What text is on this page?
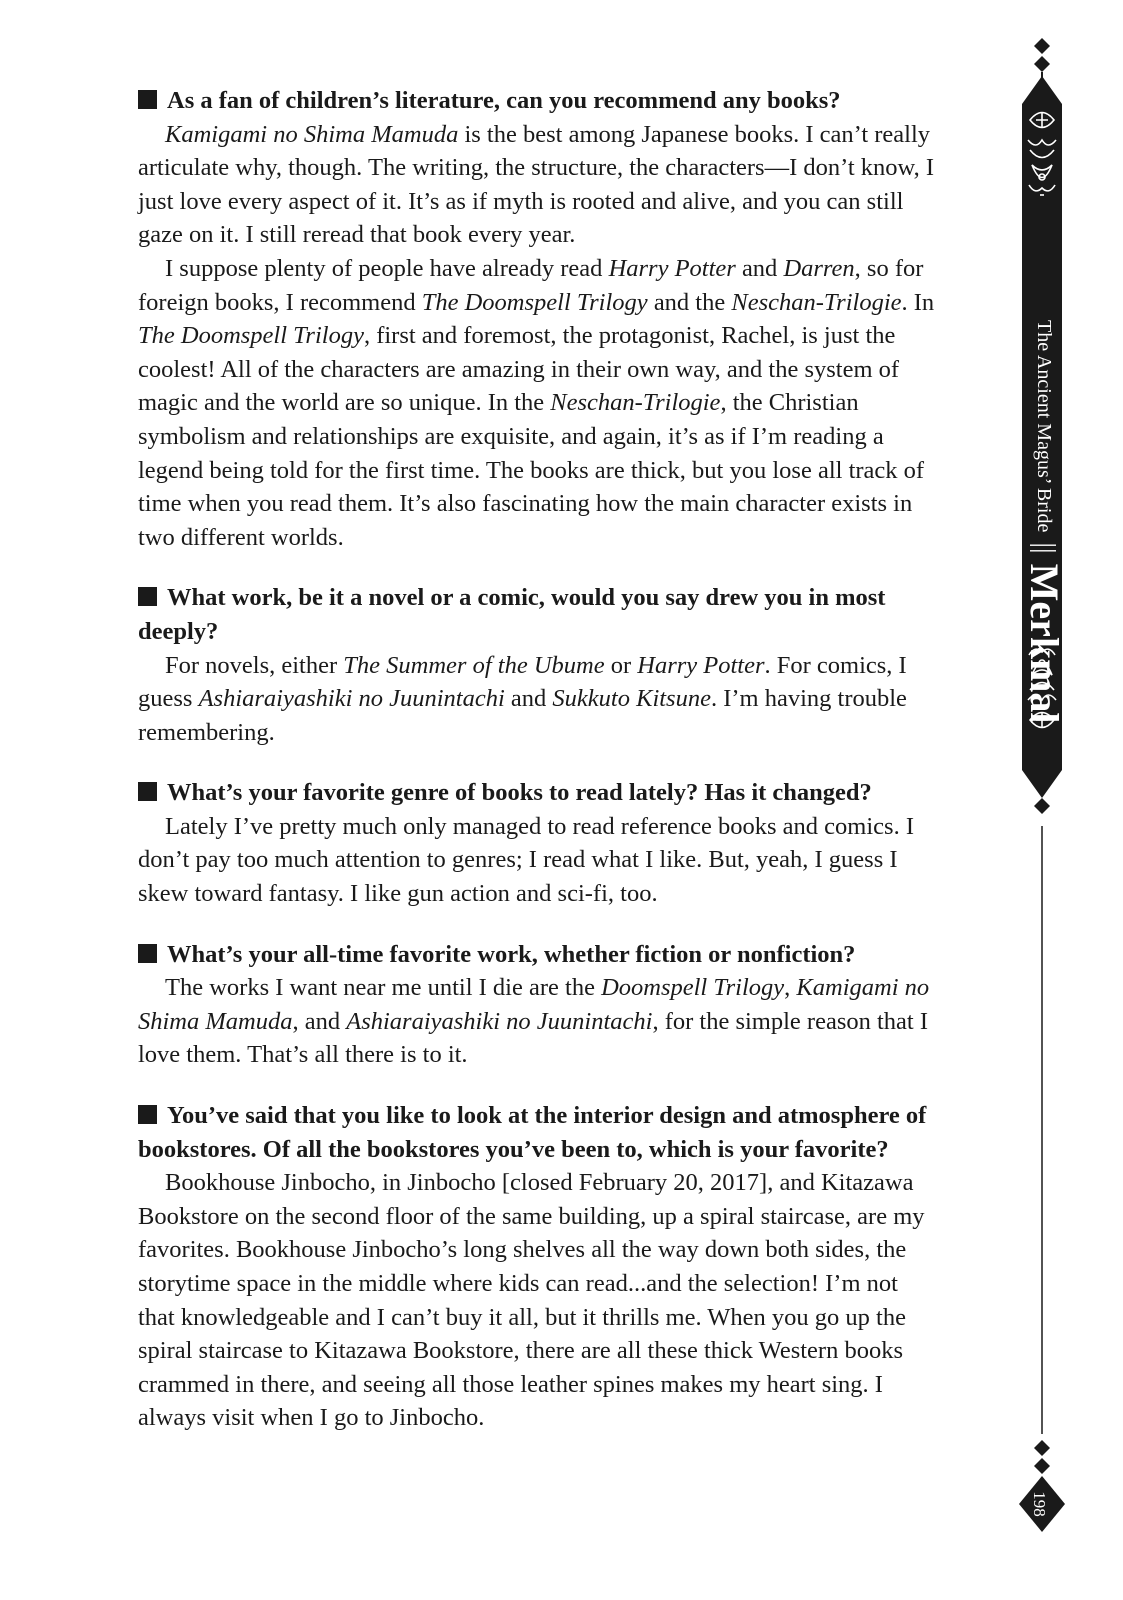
As a fan of children’s literature, can you recommend any books?

Kamigami no Shima Mamuda is the best among Japanese books. I can’t really articulate why, though. The writing, the structure, the characters—I don’t know, I just love every aspect of it. It’s as if myth is rooted and alive, and you can still gaze on it. I still reread that book every year.

I suppose plenty of people have already read Harry Potter and Darren, so for foreign books, I recommend The Doomspell Trilogy and the Neschan-Trilogie. In The Doomspell Trilogy, first and foremost, the protagonist, Rachel, is just the coolest! All of the characters are amazing in their own way, and the system of magic and the world are so unique. In the Neschan-Trilogie, the Christian symbolism and relationships are exquisite, and again, it’s as if I’m reading a legend being told for the first time. The books are thick, but you lose all track of time when you read them. It’s also fascinating how the main character exists in two different worlds.

What work, be it a novel or a comic, would you say drew you in most deeply?

For novels, either The Summer of the Ubume or Harry Potter. For comics, I guess Ashiaraiyashiki no Juunintachi and Sukkuto Kitsune. I’m having trouble remembering.

What’s your favorite genre of books to read lately? Has it changed?

Lately I’ve pretty much only managed to read reference books and comics. I don’t pay too much attention to genres; I read what I like. But, yeah, I guess I skew toward fantasy. I like gun action and sci-fi, too.

What’s your all-time favorite work, whether fiction or nonfiction?

The works I want near me until I die are the Doomspell Trilogy, Kamigami no Shima Mamuda, and Ashiaraiyashiki no Juunintachi, for the simple reason that I love them. That’s all there is to it.

You’ve said that you like to look at the interior design and atmosphere of bookstores. Of all the bookstores you’ve been to, which is your favorite?

Bookhouse Jinbocho, in Jinbocho [closed February 20, 2017], and Kitazawa Bookstore on the second floor of the same building, up a spiral staircase, are my favorites. Bookhouse Jinbocho’s long shelves all the way down both sides, the storytime space in the middle where kids can read...and the selection! I’m not that knowledgeable and I can’t buy it all, but it thrills me. When you go up the spiral staircase to Kitazawa Bookstore, there are all these thick Western books crammed in there, and seeing all those leather spines makes my heart sing. I always visit when I go to Jinbocho.

The Ancient Magus’ Bride
||
Merkmal
198
